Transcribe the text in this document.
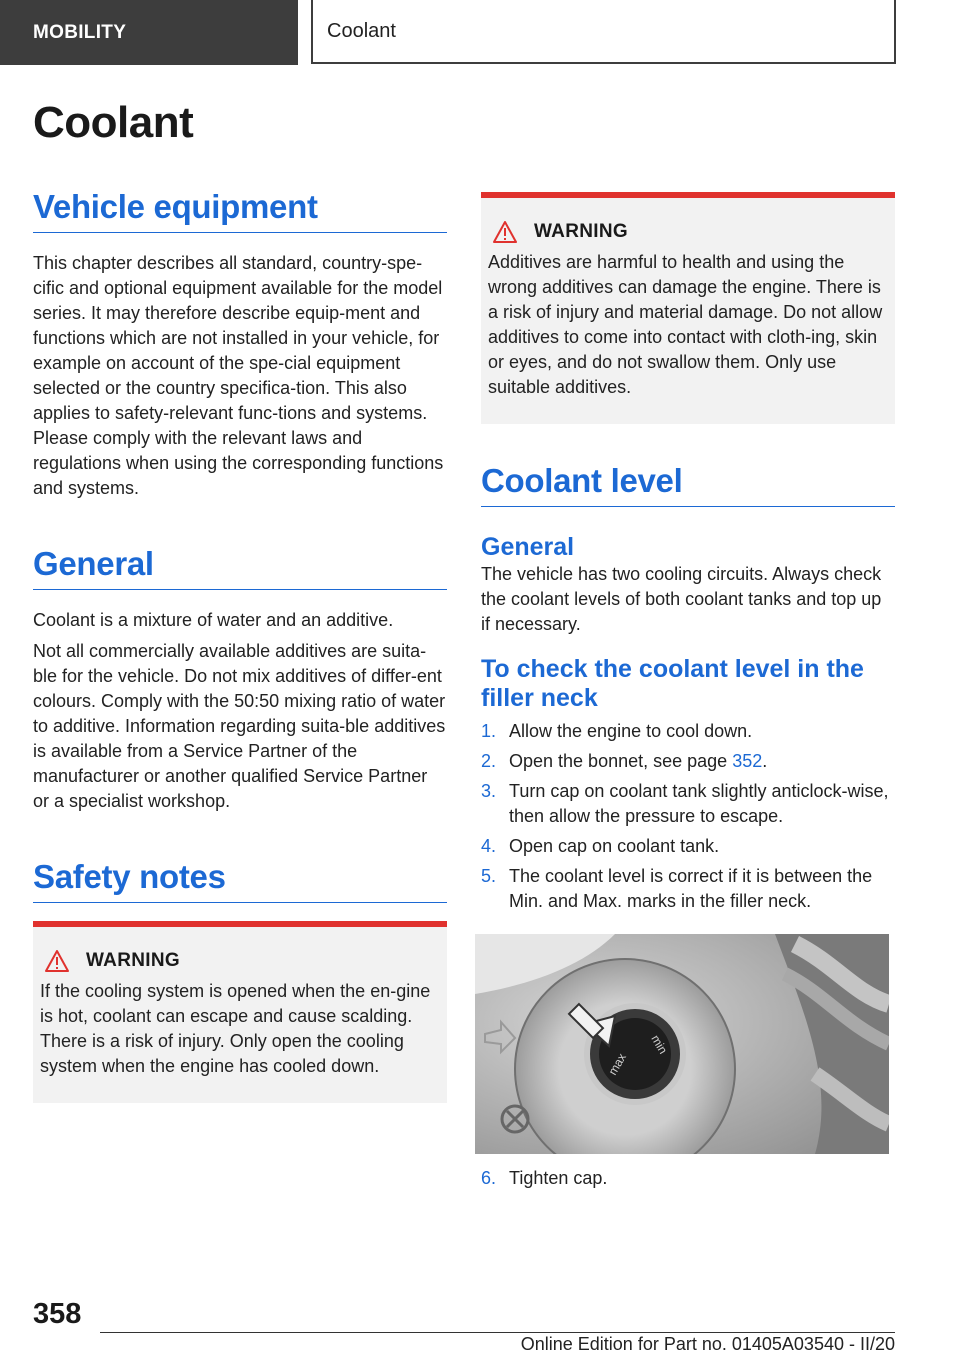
MOBILITY	Coolant
Coolant
Vehicle equipment

This chapter describes all standard, country-spe-cific and optional equipment available for the model series. It may therefore describe equip-ment and functions which are not installed in your vehicle, for example on account of the spe-cial equipment selected or the country specifica-tion. This also applies to safety-relevant func-tions and systems. Please comply with the relevant laws and regulations when using the corresponding functions and systems.

General

Coolant is a mixture of water and an additive.

Not all commercially available additives are suita-ble for the vehicle. Do not mix additives of differ-ent colours. Comply with the 50:50 mixing ratio of water to additive. Information regarding suita-ble additives is available from a Service Partner of the manufacturer or another qualified Service Partner or a specialist workshop.

Safety notes
WARNING

If the cooling system is opened when the en-gine is hot, coolant can escape and cause scalding. There is a risk of injury. Only open the cooling system when the engine has cooled down.

WARNING

Additives are harmful to health and using the wrong additives can damage the engine. There is a risk of injury and material damage. Do not allow additives to come into contact with cloth-ing, skin or eyes, and do not swallow them. Only use suitable additives.

Coolant level
General

The vehicle has two cooling circuits. Always check the coolant levels of both coolant tanks and top up if necessary.

To check the coolant level in the filler neck
1. Allow the engine to cool down.
2. Open the bonnet, see page 352.
3. Turn cap on coolant tank slightly anticlock-wise, then allow the pressure to escape.
4. Open cap on coolant tank.
5. The coolant level is correct if it is between the Min. and Max. marks in the filler neck.
max
min
6. Tighten cap.
358
Online Edition for Part no. 01405A03540 - II/20
